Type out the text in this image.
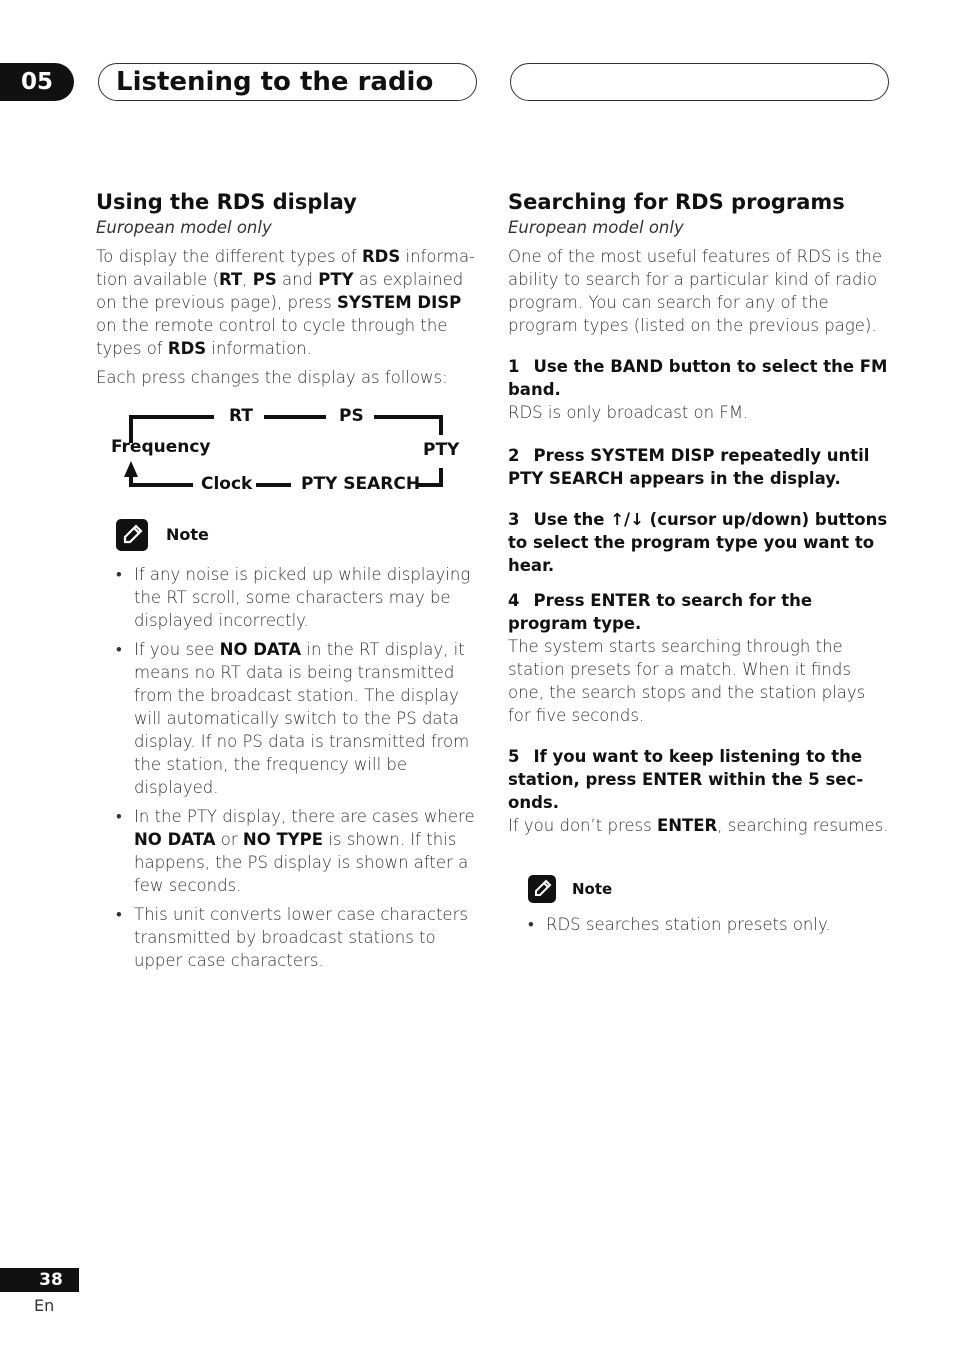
05	Listening to the radio
Using the RDS display
European model only

To display the different types of RDS informa-tion available (RT, PS and PTY as explained on the previous page), press SYSTEM DISP on the remote control to cycle through the types of RDS information.

Each press changes the display as follows:

RT	PS
Frequency	PTY
Clock	PTY SEARCH
Note
• If any noise is picked up while displaying the RT scroll, some characters may be displayed incorrectly.
• If you see NO DATA in the RT display, it means no RT data is being transmitted from the broadcast station. The display will automatically switch to the PS data display. If no PS data is transmitted from the station, the frequency will be displayed.
• In the PTY display, there are cases where NO DATA or NO TYPE is shown. If this happens, the PS display is shown after a few seconds.
• This unit converts lower case characters transmitted by broadcast stations to upper case characters.
Searching for RDS programs
European model only

One of the most useful features of RDS is the ability to search for a particular kind of radio program. You can search for any of the program types (listed on the previous page).

1 Use the BAND button to select the FM band.

RDS is only broadcast on FM.

2 Press SYSTEM DISP repeatedly until PTY SEARCH appears in the display.
3 Use the ↑/↓ (cursor up/down) buttons to select the program type you want to hear.
4 Press ENTER to search for the program type.

The system starts searching through the station presets for a match. When it finds one, the search stops and the station plays for five seconds.

5 If you want to keep listening to the station, press ENTER within the 5 sec-onds.

If you don’t press ENTER, searching resumes.

Note
• RDS searches station presets only.
38
En
